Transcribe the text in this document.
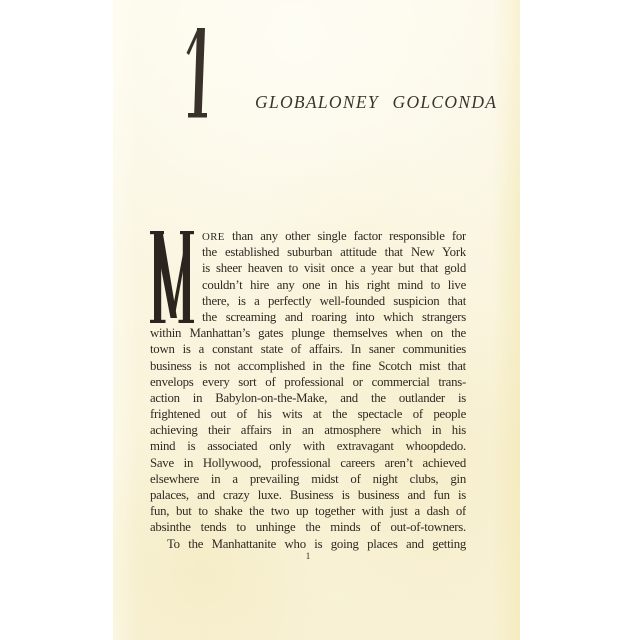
GLOBALONEY GOLCONDA
ORE than any other single factor responsible for
the established suburban attitude that New York
is sheer heaven to visit once a year but that gold
couldn’t hire any one in his right mind to live
there, is a perfectly well-founded suspicion that
the screaming and roaring into which strangers
within Manhattan’s gates plunge themselves when on the
town is a constant state of affairs. In saner communities
business is not accomplished in the fine Scotch mist that
envelops every sort of professional or commercial trans-
action in Babylon-on-the-Make, and the outlander is
frightened out of his wits at the spectacle of people
achieving their affairs in an atmosphere which in his
mind is associated only with extravagant whoopdedo.
Save in Hollywood, professional careers aren’t achieved
elsewhere in a prevailing midst of night clubs, gin
palaces, and crazy luxe. Business is business and fun is
fun, but to shake the two up together with just a dash of
absinthe tends to unhinge the minds of out-of-towners.
To the Manhattanite who is going places and getting
1
